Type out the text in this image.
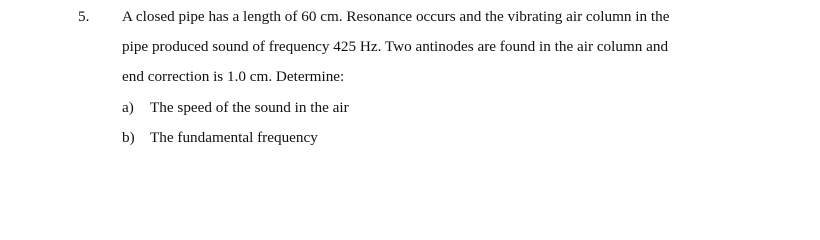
5. A closed pipe has a length of 60 cm. Resonance occurs and the vibrating air column in the
pipe produced sound of frequency 425 Hz. Two antinodes are found in the air column and
end correction is 1.0 cm. Determine:
a) The speed of the sound in the air
b) The fundamental frequency
